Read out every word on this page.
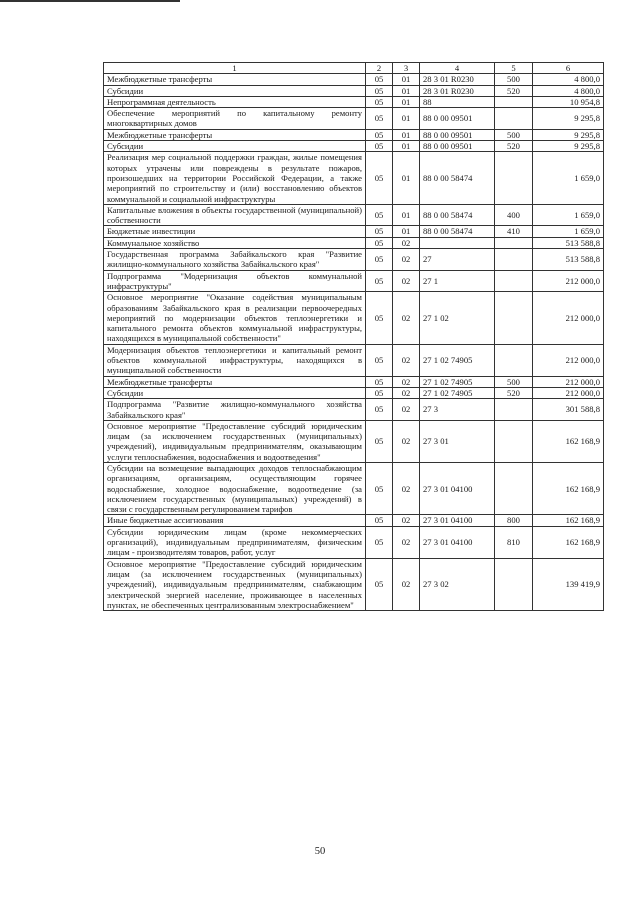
1	2	3	4	5	6
Межбюджетные трансферты	05	01	28 3 01 R0230	500	4 800,0
Субсидии	05	01	28 3 01 R0230	520	4 800,0
Непрограммная деятельность	05	01	88		10 954,8
Обеспечение мероприятий по капитальному ремонту многоквартирных домов	05	01	88 0 00 09501		9 295,8
Межбюджетные трансферты	05	01	88 0 00 09501	500	9 295,8
Субсидии	05	01	88 0 00 09501	520	9 295,8
Реализация мер социальной поддержки граждан, жилые помещения которых утрачены или повреждены в результате пожаров, произошедших на территории Российской Федерации, а также мероприятий по строительству и (или) восстановлению объектов коммунальной и социальной инфраструктуры	05	01	88 0 00 58474		1 659,0
Капитальные вложения в объекты государственной (муниципальной) собственности	05	01	88 0 00 58474	400	1 659,0
Бюджетные инвестиции	05	01	88 0 00 58474	410	1 659,0
Коммунальное хозяйство	05	02			513 588,8
Государственная программа Забайкальского края "Развитие жилищно-коммунального хозяйства Забайкальского края"	05	02	27		513 588,8
Подпрограмма "Модернизация объектов коммунальной инфраструктуры"	05	02	27 1		212 000,0
Основное мероприятие "Оказание содействия муниципальным образованиям Забайкальского края в реализации первоочередных мероприятий по модернизации объектов теплоэнергетики и капитального ремонта объектов коммунальной инфраструктуры, находящихся в муниципальной собственности"	05	02	27 1 02		212 000,0
Модернизация объектов теплоэнергетики и капитальный ремонт объектов коммунальной инфраструктуры, находящихся в муниципальной собственности	05	02	27 1 02 74905		212 000,0
Межбюджетные трансферты	05	02	27 1 02 74905	500	212 000,0
Субсидии	05	02	27 1 02 74905	520	212 000,0
Подпрограмма "Развитие жилищно-коммунального хозяйства Забайкальского края"	05	02	27 3		301 588,8
Основное мероприятие "Предоставление субсидий юридическим лицам (за исключением государственных (муниципальных) учреждений), индивидуальным предпринимателям, оказывающим услуги теплоснабжения, водоснабжения и водоотведения"	05	02	27 3 01		162 168,9
Субсидии на возмещение выпадающих доходов теплоснабжающим организациям, организациям, осуществляющим горячее водоснабжение, холодное водоснабжение, водоотведение (за исключением государственных (муниципальных) учреждений) в связи с государственным регулированием тарифов	05	02	27 3 01 04100		162 168,9
Иные бюджетные ассигнования	05	02	27 3 01 04100	800	162 168,9
Субсидии юридическим лицам (кроме некоммерческих организаций), индивидуальным предпринимателям, физическим лицам - производителям товаров, работ, услуг	05	02	27 3 01 04100	810	162 168,9
Основное мероприятие "Предоставление субсидий юридическим лицам (за исключением государственных (муниципальных) учреждений), индивидуальным предпринимателям, снабжающим электрической энергией население, проживающее в населенных пунктах, не обеспеченных централизованным электроснабжением"	05	02	27 3 02		139 419,9
50
